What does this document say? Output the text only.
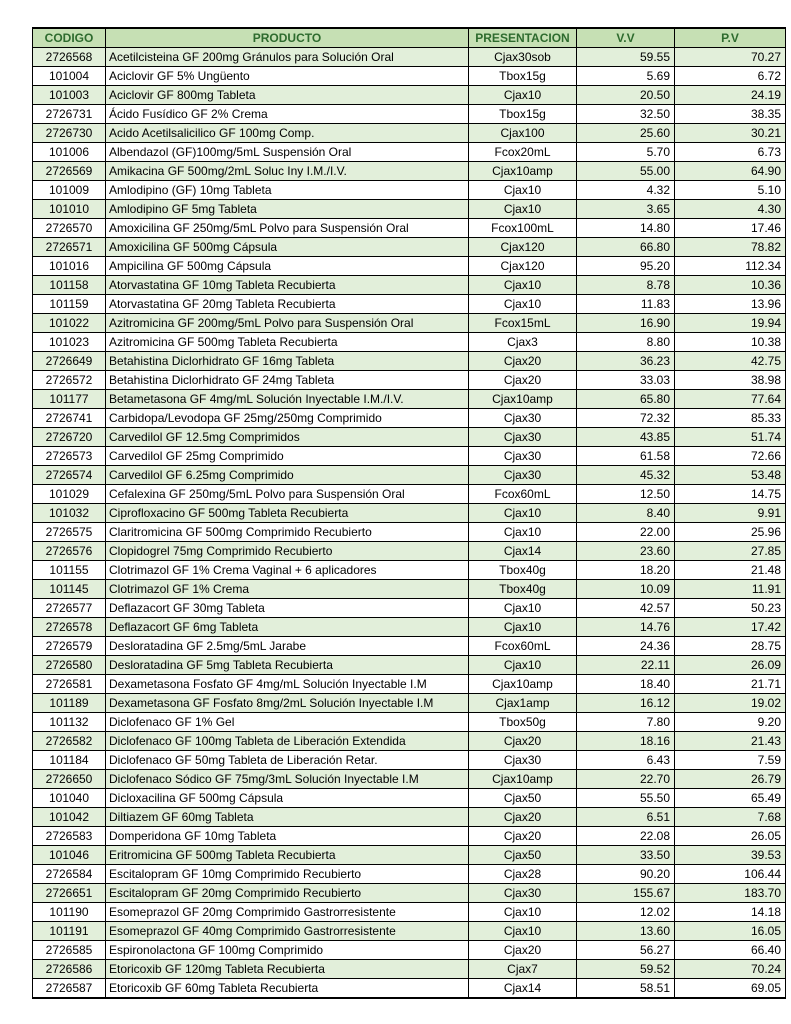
CODIGO	PRODUCTO	PRESENTACION	V.V	P.V
2726568	Acetilcisteina GF 200mg Gránulos para Solución Oral	Cjax30sob	59.55	70.27
101004	Aciclovir GF 5% Ungüento	Tbox15g	5.69	6.72
101003	Aciclovir GF 800mg Tableta	Cjax10	20.50	24.19
2726731	Ácido Fusídico GF 2% Crema	Tbox15g	32.50	38.35
2726730	Acido Acetilsalicilico GF 100mg Comp.	Cjax100	25.60	30.21
101006	Albendazol (GF)100mg/5mL Suspensión Oral	Fcox20mL	5.70	6.73
2726569	Amikacina GF 500mg/2mL Soluc Iny I.M./I.V.	Cjax10amp	55.00	64.90
101009	Amlodipino (GF) 10mg Tableta	Cjax10	4.32	5.10
101010	Amlodipino GF 5mg Tableta	Cjax10	3.65	4.30
2726570	Amoxicilina GF 250mg/5mL Polvo para Suspensión Oral	Fcox100mL	14.80	17.46
2726571	Amoxicilina GF 500mg Cápsula	Cjax120	66.80	78.82
101016	Ampicilina GF 500mg Cápsula	Cjax120	95.20	112.34
101158	Atorvastatina GF 10mg Tableta Recubierta	Cjax10	8.78	10.36
101159	Atorvastatina GF 20mg Tableta Recubierta	Cjax10	11.83	13.96
101022	Azitromicina GF 200mg/5mL Polvo para Suspensión Oral	Fcox15mL	16.90	19.94
101023	Azitromicina GF 500mg Tableta Recubierta	Cjax3	8.80	10.38
2726649	Betahistina Diclorhidrato GF 16mg Tableta	Cjax20	36.23	42.75
2726572	Betahistina Diclorhidrato GF 24mg Tableta	Cjax20	33.03	38.98
101177	Betametasona GF 4mg/mL Solución Inyectable I.M./I.V.	Cjax10amp	65.80	77.64
2726741	Carbidopa/Levodopa GF 25mg/250mg Comprimido	Cjax30	72.32	85.33
2726720	Carvedilol GF 12.5mg Comprimidos	Cjax30	43.85	51.74
2726573	Carvedilol GF 25mg Comprimido	Cjax30	61.58	72.66
2726574	Carvedilol GF 6.25mg Comprimido	Cjax30	45.32	53.48
101029	Cefalexina GF 250mg/5mL Polvo para Suspensión Oral	Fcox60mL	12.50	14.75
101032	Ciprofloxacino GF 500mg Tableta Recubierta	Cjax10	8.40	9.91
2726575	Claritromicina GF 500mg Comprimido Recubierto	Cjax10	22.00	25.96
2726576	Clopidogrel 75mg Comprimido Recubierto	Cjax14	23.60	27.85
101155	Clotrimazol GF 1% Crema Vaginal + 6 aplicadores	Tbox40g	18.20	21.48
101145	Clotrimazol GF 1% Crema	Tbox40g	10.09	11.91
2726577	Deflazacort GF 30mg Tableta	Cjax10	42.57	50.23
2726578	Deflazacort GF 6mg Tableta	Cjax10	14.76	17.42
2726579	Desloratadina GF 2.5mg/5mL Jarabe	Fcox60mL	24.36	28.75
2726580	Desloratadina GF 5mg Tableta Recubierta	Cjax10	22.11	26.09
2726581	Dexametasona Fosfato GF 4mg/mL Solución Inyectable I.M	Cjax10amp	18.40	21.71
101189	Dexametasona GF Fosfato 8mg/2mL Solución Inyectable I.M	Cjax1amp	16.12	19.02
101132	Diclofenaco GF 1% Gel	Tbox50g	7.80	9.20
2726582	Diclofenaco GF 100mg Tableta de Liberación Extendida	Cjax20	18.16	21.43
101184	Diclofenaco GF 50mg Tableta de Liberación Retar.	Cjax30	6.43	7.59
2726650	Diclofenaco Sódico GF 75mg/3mL Solución Inyectable I.M	Cjax10amp	22.70	26.79
101040	Dicloxacilina GF 500mg Cápsula	Cjax50	55.50	65.49
101042	Diltiazem GF 60mg Tableta	Cjax20	6.51	7.68
2726583	Domperidona GF 10mg Tableta	Cjax20	22.08	26.05
101046	Eritromicina GF 500mg Tableta Recubierta	Cjax50	33.50	39.53
2726584	Escitalopram GF 10mg Comprimido Recubierto	Cjax28	90.20	106.44
2726651	Escitalopram GF 20mg Comprimido Recubierto	Cjax30	155.67	183.70
101190	Esomeprazol GF 20mg Comprimido Gastrorresistente	Cjax10	12.02	14.18
101191	Esomeprazol GF 40mg Comprimido Gastrorresistente	Cjax10	13.60	16.05
2726585	Espironolactona GF 100mg Comprimido	Cjax20	56.27	66.40
2726586	Etoricoxib GF 120mg Tableta Recubierta	Cjax7	59.52	70.24
2726587	Etoricoxib GF 60mg Tableta Recubierta	Cjax14	58.51	69.05
